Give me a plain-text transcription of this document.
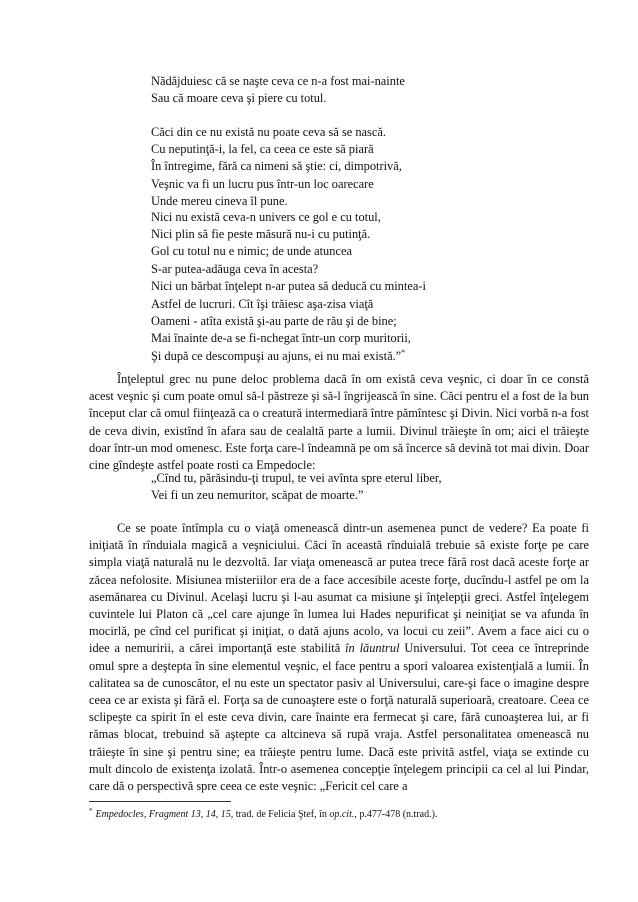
Nădăjduiesc că se naşte ceva ce n-a fost mai-nainte
Sau că moare ceva şi piere cu totul.
Căci din ce nu există nu poate ceva să se nască.
Cu neputinţă-i, la fel, ca ceea ce este să piară
În întregime, fără ca nimeni să ştie: ci, dimpotrivă,
Veşnic va fi un lucru pus într-un loc oarecare
Unde mereu cineva îl pune.
Nici nu există ceva-n univers ce gol e cu totul,
Nici plin să fie peste măsură nu-i cu putinţă.
Gol cu totul nu e nimic; de unde atuncea
S-ar putea-adăuga ceva în acesta?
Nici un bărbat înţelept n-ar putea să deducă cu mintea-i
Astfel de lucruri. Cît îşi trăiesc aşa-zisa viaţă
Oameni - atîta există şi-au parte de rău şi de bine;
Mai înainte de-a se fi-nchegat într-un corp muritorii,
Şi după ce descompuşi au ajuns, ei nu mai există.”*

Înţeleptul grec nu pune deloc problema dacă în om există ceva veşnic, ci doar în ce constă acest veşnic şi cum poate omul să-l păstreze şi să-l îngrijească în sine. Căci pentru el a fost de la bun început clar că omul fiinţează ca o creatură intermediară între pămîntesc şi Divin. Nici vorbă n-a fost de ceva divin, existînd în afara sau de cealaltă parte a lumii. Divinul trăieşte în om; aici el trăieşte doar într-un mod omenesc. Este forţa care-l îndeamnă pe om să încerce să devină tot mai divin. Doar cine gîndeşte astfel poate rosti ca Empedocle:

„Cînd tu, părăsindu-ţi trupul, te vei avînta spre eterul liber,
Vei fi un zeu nemuritor, scăpat de moarte.”

Ce se poate întîmpla cu o viaţă omenească dintr-un asemenea punct de vedere? Ea poate fi iniţiată în rînduiala magică a veşniciului. Căci în această rînduială trebuie să existe forţe pe care simpla viaţă naturală nu le dezvoltă. Iar viaţa omenească ar putea trece fără rost dacă aceste forţe ar zăcea nefolosite. Misiunea misteriilor era de a face accesibile aceste forţe, ducîndu-l astfel pe om la asemănarea cu Divinul. Acelaşi lucru şi l-au asumat ca misiune şi înţelepţii greci. Astfel înţelegem cuvintele lui Platon că „cel care ajunge în lumea lui Hades nepurificat şi neiniţiat se va afunda în mocirlă, pe cînd cel purificat şi iniţiat, o dată ajuns acolo, va locui cu zeii”. Avem a face aici cu o idee a nemuririi, a cărei importanţă este stabilită în lăuntrul Universului. Tot ceea ce întreprinde omul spre a deştepta în sine elementul veşnic, el face pentru a spori valoarea existenţială a lumii. În calitatea sa de cunoscător, el nu este un spectator pasiv al Universului, care-şi face o imagine despre ceea ce ar exista şi fără el. Forţa sa de cunoaştere este o forţă naturală superioară, creatoare. Ceea ce sclipeşte ca spirit în el este ceva divin, care înainte era fermecat şi care, fără cunoaşterea lui, ar fi rămas blocat, trebuind să aştepte ca altcineva să rupă vraja. Astfel personalitatea omenească nu trăieşte în sine şi pentru sine; ea trăieşte pentru lume. Dacă este privită astfel, viaţa se extinde cu mult dincolo de existenţa izolată. Într-o asemenea concepţie înţelegem principii ca cel al lui Pindar, care dă o perspectivă spre ceea ce este veşnic: „Fericit cel care a

* Empedocles, Fragment 13, 14, 15, trad. de Felicia Ştef, în op.cit., p.477-478 (n.trad.).
